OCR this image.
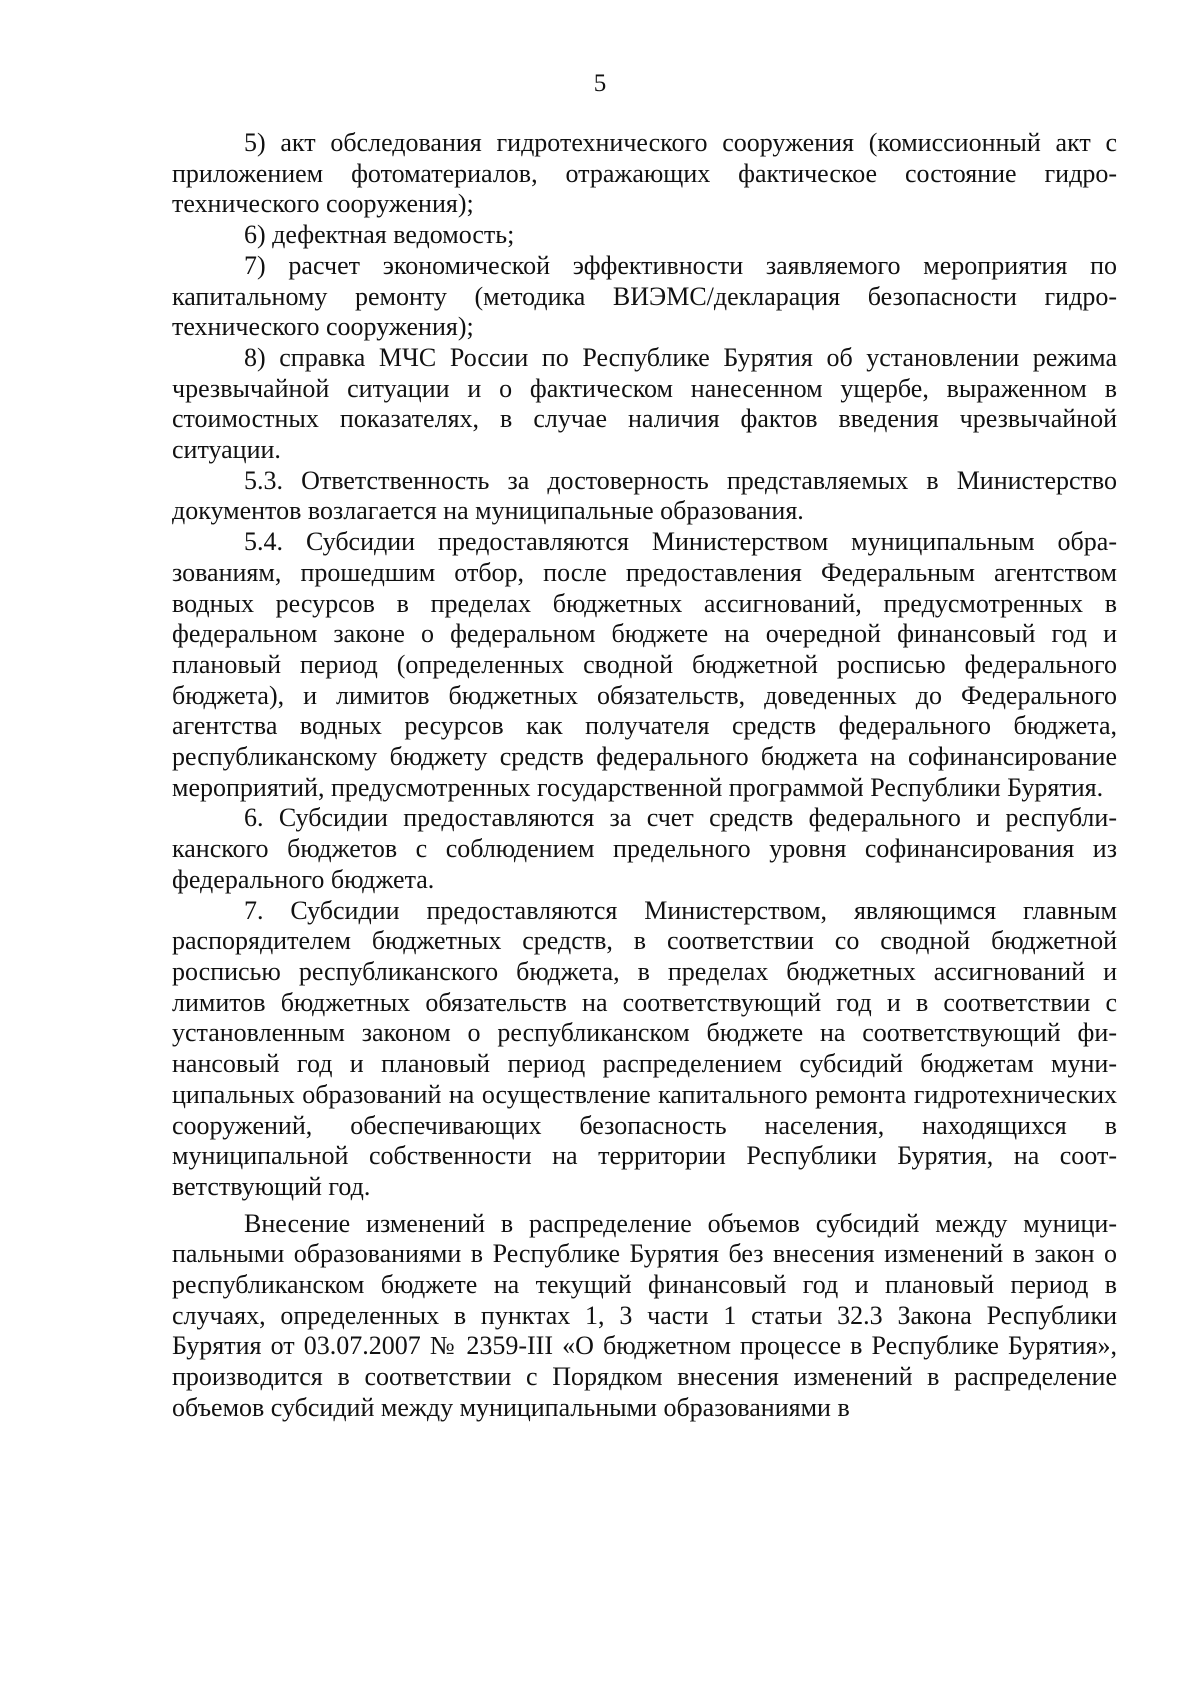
5

5) акт обследования гидротехнического сооружения (комиссионный акт с приложением фотоматериалов, отражающих фактическое состояние гидротехнического сооружения);

6) дефектная ведомость;

7) расчет экономической эффективности заявляемого мероприятия по капитальному ремонту (методика ВИЭМС/декларация безопасности гидротехнического сооружения);

8) справка МЧС России по Республике Бурятия об установлении режима чрезвычайной ситуации и о фактическом нанесенном ущербе, выраженном в стоимостных показателях, в случае наличия фактов введения чрезвычайной ситуации.

5.3. Ответственность за достоверность представляемых в Министерство документов возлагается на муниципальные образования.

5.4. Субсидии предоставляются Министерством муниципальным образованиям, прошедшим отбор, после предоставления Федеральным агентством водных ресурсов в пределах бюджетных ассигнований, предусмотренных в федеральном законе о федеральном бюджете на очередной финансовый год и плановый период (определенных сводной бюджетной росписью федерального бюджета), и лимитов бюджетных обязательств, доведенных до Федерального агентства водных ресурсов как получателя средств федерального бюджета, республиканскому бюджету средств федерального бюджета на софинансирование мероприятий, предусмотренных государственной программой Республики Бурятия.

6. Субсидии предоставляются за счет средств федерального и республиканского бюджетов с соблюдением предельного уровня софинансирования из федерального бюджета.

7. Субсидии предоставляются Министерством, являющимся главным распорядителем бюджетных средств, в соответствии со сводной бюджетной росписью республиканского бюджета, в пределах бюджетных ассигнований и лимитов бюджетных обязательств на соответствующий год и в соответствии с установленным законом о республиканском бюджете на соответствующий финансовый год и плановый период распределением субсидий бюджетам муниципальных образований на осуществление капитального ремонта гидротехнических сооружений, обеспечивающих безопасность населения, находящихся в муниципальной собственности на территории Республики Бурятия, на соответствующий год.

Внесение изменений в распределение объемов субсидий между муниципальными образованиями в Республике Бурятия без внесения изменений в закон о республиканском бюджете на текущий финансовый год и плановый период в случаях, определенных в пунктах 1, 3 части 1 статьи 32.3 Закона Республики Бурятия от 03.07.2007 № 2359-III «О бюджетном процессе в Республике Бурятия», производится в соответствии с Порядком внесения изменений в распределение объемов субсидий между муниципальными образованиями в
